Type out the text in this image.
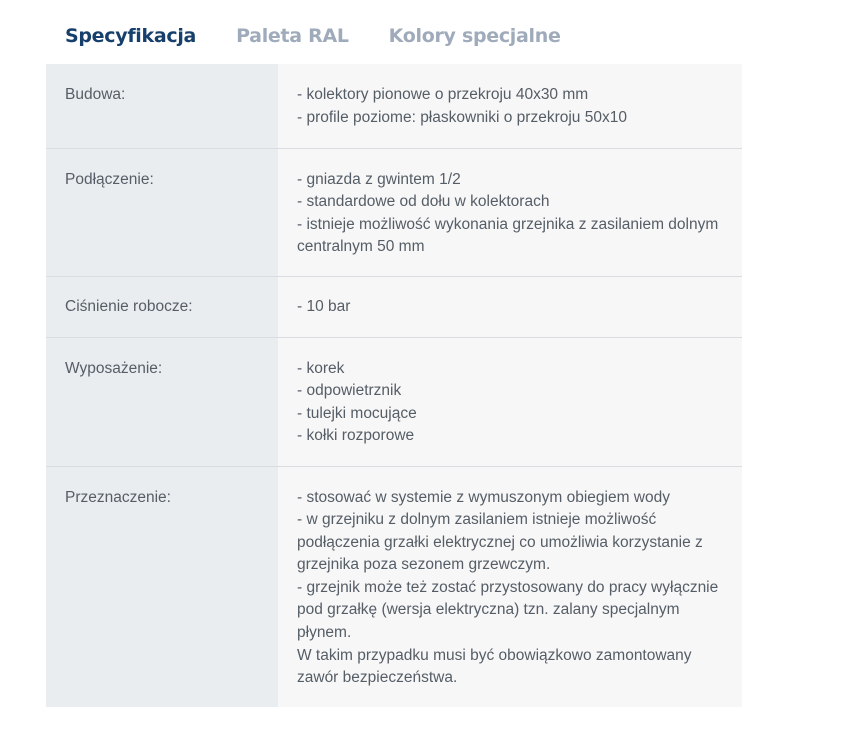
Specyfikacja Paleta RAL Kolory specjalne
Budowa:	- kolektory pionowe o przekroju 40x30 mm
- profile poziome: płaskowniki o przekroju 50x10

Podłączenie:	- gniazda z gwintem 1/2
- standardowe od dołu w kolektorach
- istnieje możliwość wykonania grzejnika z zasilaniem dolnym centralnym 50 mm

Ciśnienie robocze:	- 10 bar

Wyposażenie:	- korek
- odpowietrznik
- tulejki mocujące
- kołki rozporowe

Przeznaczenie:	- stosować w systemie z wymuszonym obiegiem wody
- w grzejniku z dolnym zasilaniem istnieje możliwość podłączenia grzałki elektrycznej co umożliwia korzystanie z grzejnika poza sezonem grzewczym.
- grzejnik może też zostać przystosowany do pracy wyłącznie pod grzałkę (wersja elektryczna) tzn. zalany specjalnym płynem.
W takim przypadku musi być obowiązkowo zamontowany zawór bezpieczeństwa.
